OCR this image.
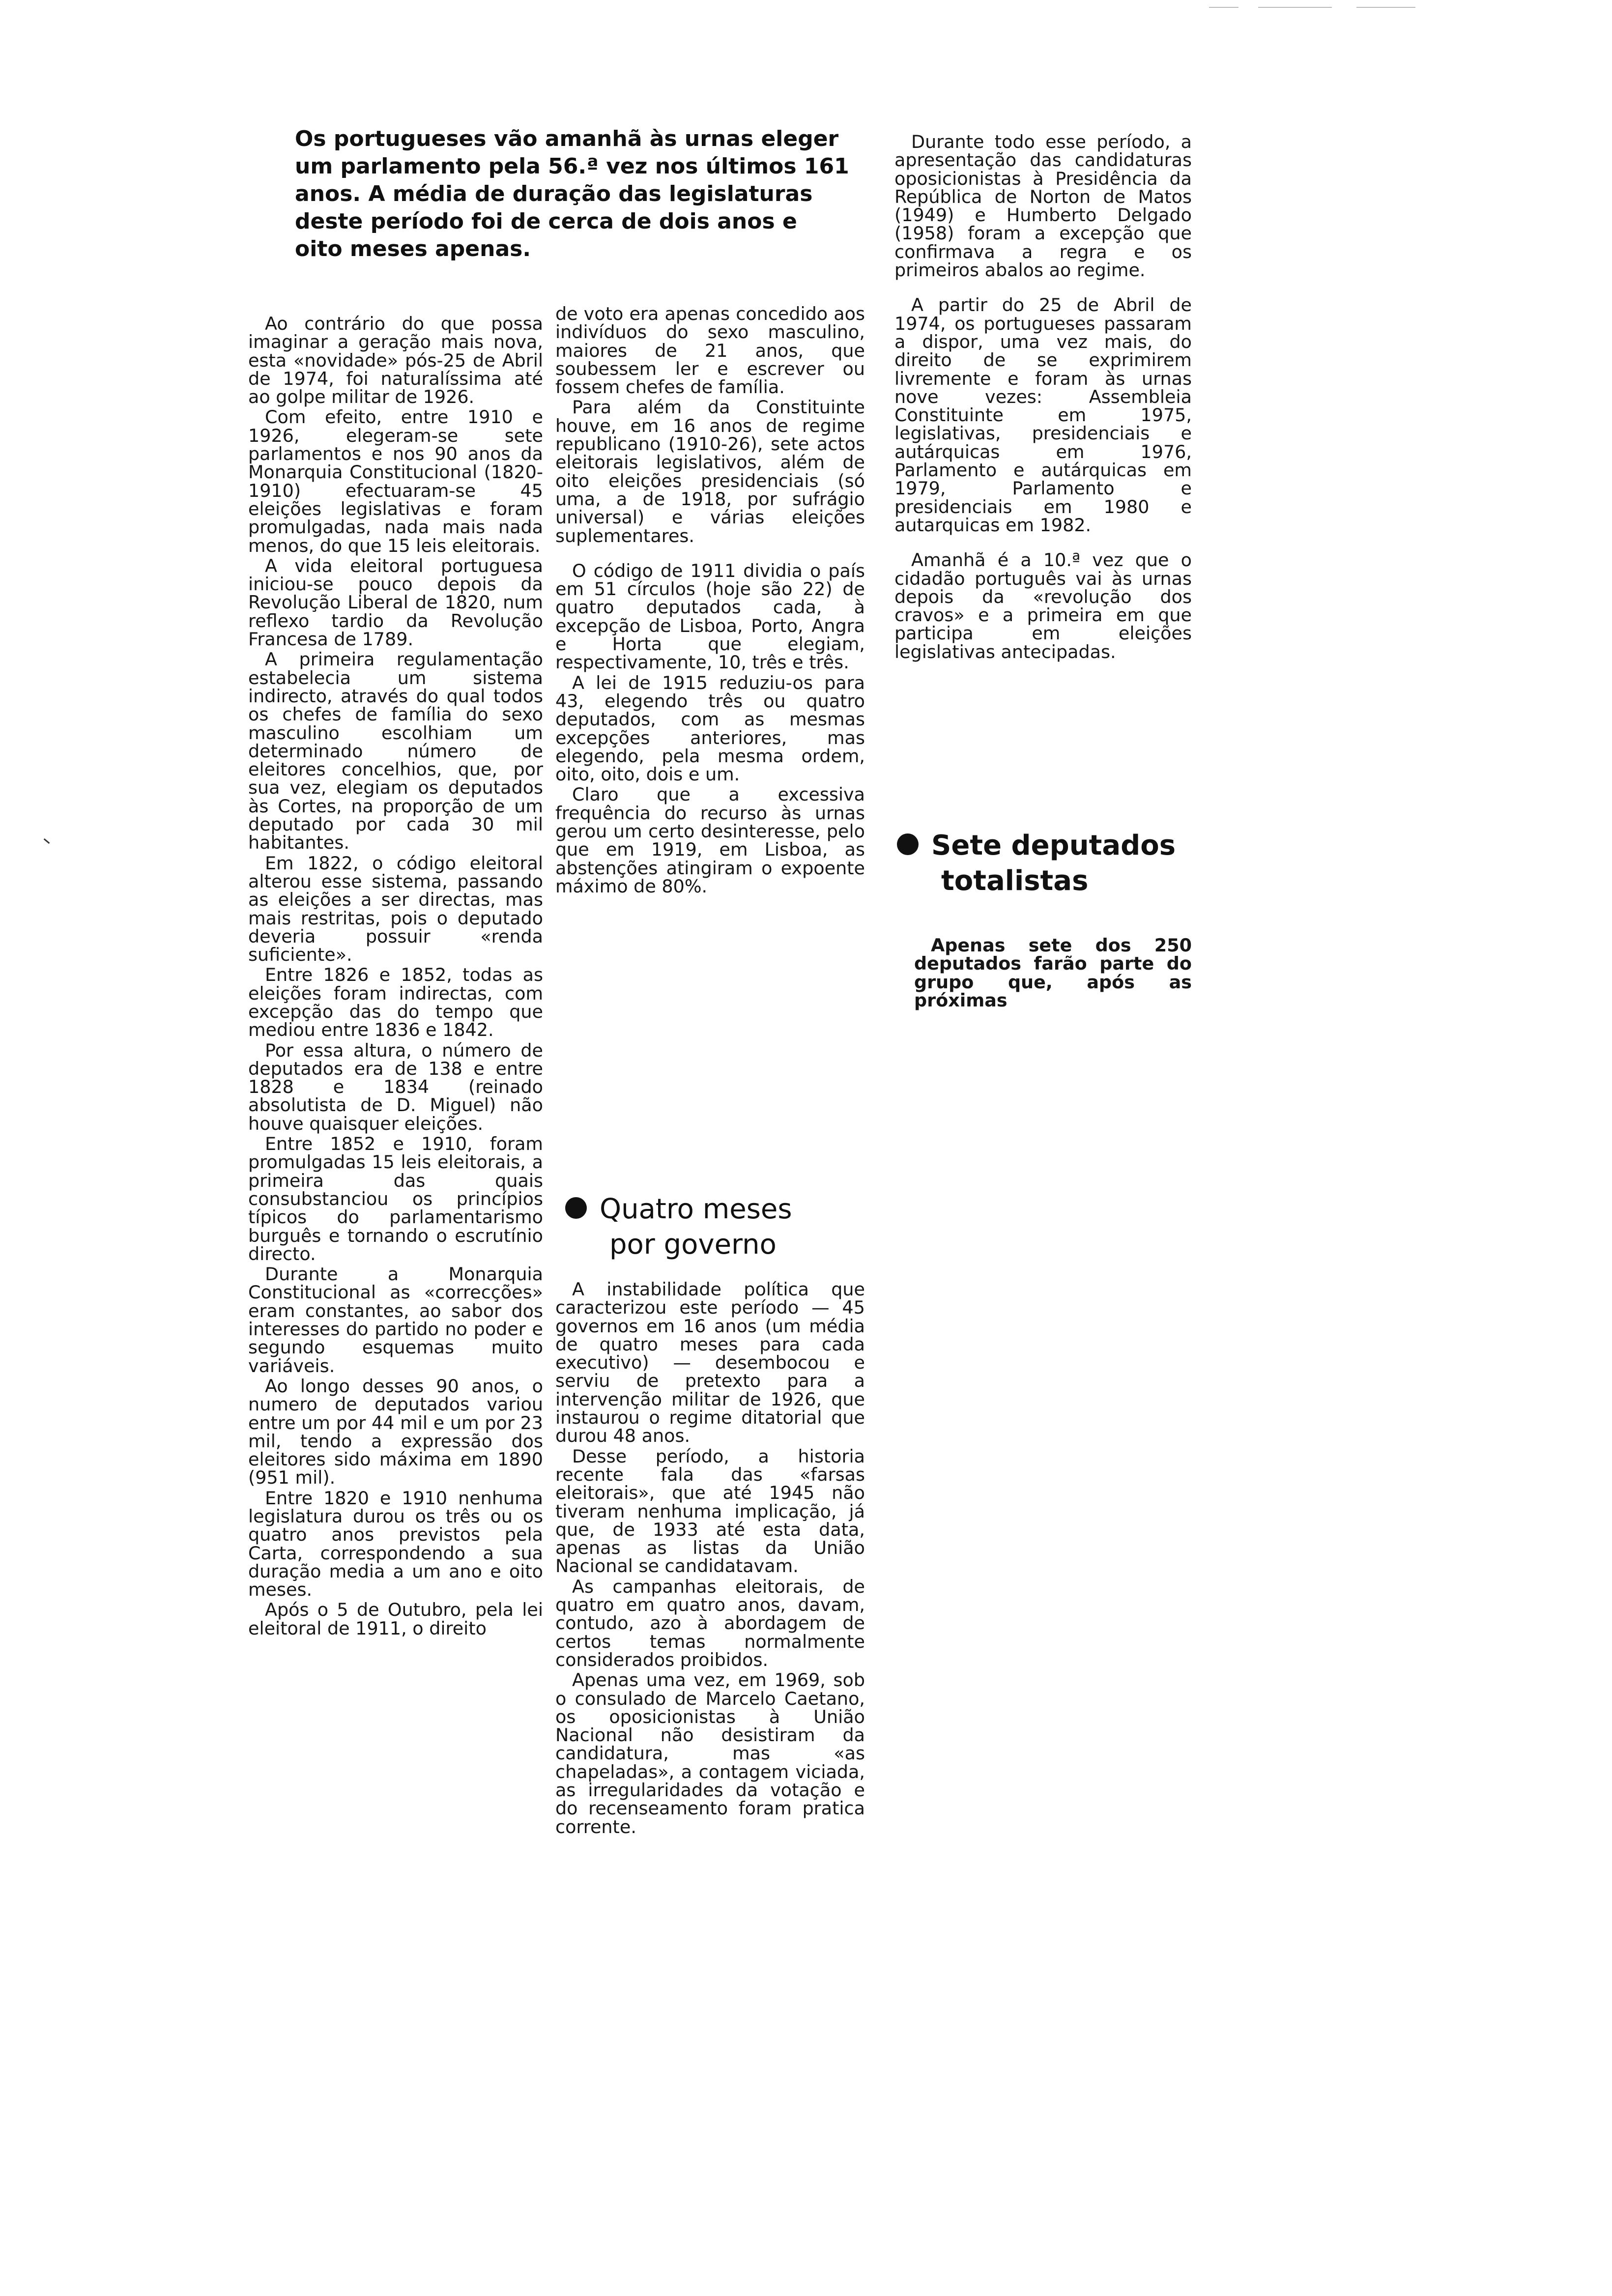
Os portugueses vão amanhã às urnas eleger um parlamento pela 56.ª vez nos últimos 161 anos. A média de duração das legislaturas deste período foi de cerca de dois anos e oito meses apenas.

Ao contrário do que possa imaginar a geração mais nova, esta «novidade» pós-25 de Abril de 1974, foi naturalíssima até ao golpe militar de 1926.

Com efeito, entre 1910 e 1926, elegeram-se sete parlamentos e nos 90 anos da Monarquia Constitucional (1820-1910) efectuaram-se 45 eleições legislativas e foram promulgadas, nada mais nada menos, do que 15 leis eleitorais.

A vida eleitoral portuguesa iniciou-se pouco depois da Revolução Liberal de 1820, num reflexo tardio da Revolução Francesa de 1789.

A primeira regulamentação estabelecia um sistema indirecto, através do qual todos os chefes de família do sexo masculino escolhiam um determinado número de eleitores concelhios, que, por sua vez, elegiam os deputados às Cortes, na proporção de um deputado por cada 30 mil habitantes.

Em 1822, o código eleitoral alterou esse sistema, passando as eleições a ser directas, mas mais restritas, pois o deputado deveria possuir «renda suficiente».

Entre 1826 e 1852, todas as eleições foram indirectas, com excepção das do tempo que mediou entre 1836 e 1842.

Por essa altura, o número de deputados era de 138 e entre 1828 e 1834 (reinado absolutista de D. Miguel) não houve quaisquer eleições.

Entre 1852 e 1910, foram promulgadas 15 leis eleitorais, a primeira das quais consubstanciou os princípios típicos do parlamentarismo burguês e tornando o escrutínio directo.

Durante a Monarquia Constitucional as «correcções» eram constantes, ao sabor dos interesses do partido no poder e segundo esquemas muito variáveis.

Ao longo desses 90 anos, o numero de deputados variou entre um por 44 mil e um por 23 mil, tendo a expressão dos eleitores sido máxima em 1890 (951 mil).

Entre 1820 e 1910 nenhuma legislatura durou os três ou os quatro anos previstos pela Carta, correspondendo a sua duração media a um ano e oito meses.

Após o 5 de Outubro, pela lei eleitoral de 1911, o direito

de voto era apenas concedido aos indivíduos do sexo masculino, maiores de 21 anos, que soubessem ler e escrever ou fossem chefes de família.

Para além da Constituinte houve, em 16 anos de regime republicano (1910-26), sete actos eleitorais legislativos, além de oito eleições presidenciais (só uma, a de 1918, por sufrágio universal) e várias eleições suplementares.

O código de 1911 dividia o país em 51 círculos (hoje são 22) de quatro deputados cada, à excepção de Lisboa, Porto, Angra e Horta que elegiam, respectivamente, 10, três e três.

A lei de 1915 reduziu-os para 43, elegendo três ou quatro deputados, com as mesmas excepções anteriores, mas elegendo, pela mesma ordem, oito, oito, dois e um.

Claro que a excessiva frequência do recurso às urnas gerou um certo desinteresse, pelo que em 1919, em Lisboa, as abstenções atingiram o expoente máximo de 80%.

Quatro meses
por governo

A instabilidade política que caracterizou este período — 45 governos em 16 anos (um média de quatro meses para cada executivo) — desembocou e serviu de pretexto para a intervenção militar de 1926, que instaurou o regime ditatorial que durou 48 anos.

Desse período, a historia recente fala das «farsas eleitorais», que até 1945 não tiveram nenhuma implicação, já que, de 1933 até esta data, apenas as listas da União Nacional se candidatavam.

As campanhas eleitorais, de quatro em quatro anos, davam, contudo, azo à abordagem de certos temas normalmente considerados proibidos.

Apenas uma vez, em 1969, sob o consulado de Marcelo Caetano, os oposicionistas à União Nacional não desistiram da candidatura, mas «as chapeladas», a contagem viciada, as irregularidades da votação e do recenseamento foram pratica corrente.

Durante todo esse período, a apresentação das candidaturas oposicionistas à Presidência da República de Norton de Matos (1949) e Humberto Delgado (1958) foram a excepção que confirmava a regra e os primeiros abalos ao regime.

A partir do 25 de Abril de 1974, os portugueses passaram a dispor, uma vez mais, do direito de se exprimirem livremente e foram às urnas nove vezes: Assembleia Constituinte em 1975, legislativas, presidenciais e autárquicas em 1976, Parlamento e autárquicas em 1979, Parlamento e presidenciais em 1980 e autarquicas em 1982.

Amanhã é a 10.ª vez que o cidadão português vai às urnas depois da «revolução dos cravos» e a primeira em que participa em eleições legislativas antecipadas.

Sete deputados
totalistas

Apenas sete dos 250 deputados farão parte do grupo que, após as próximas
